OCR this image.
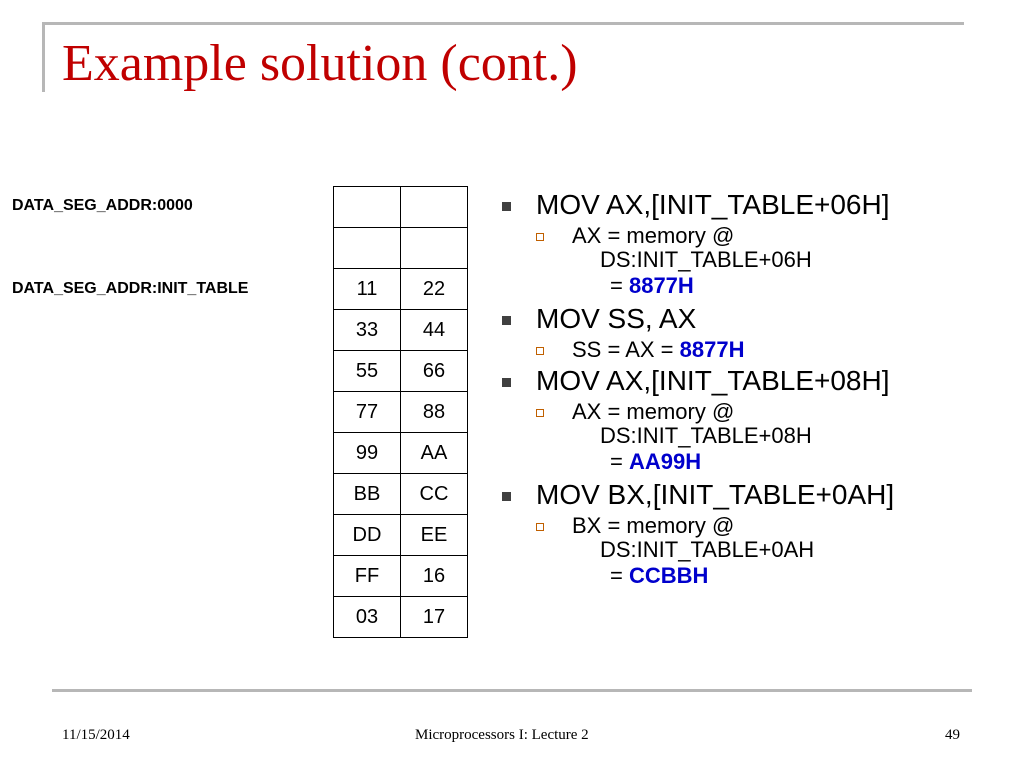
Example solution (cont.)
DATA_SEG_ADDR:0000
DATA_SEG_ADDR:INIT_TABLE

		11	22
33	44
55	66
77	88
99	AA
BB	CC
DD	EE
FF	16
03	17
MOV AX,[INIT_TABLE+06H]
AX = memory @
DS:INIT_TABLE+06H
= 8877H
MOV SS, AX
SS = AX = 8877H
MOV AX,[INIT_TABLE+08H]
AX = memory @
DS:INIT_TABLE+08H
= AA99H
MOV BX,[INIT_TABLE+0AH]
BX = memory @
DS:INIT_TABLE+0AH
= CCBBH
11/15/2014	Microprocessors I: Lecture 2	49
